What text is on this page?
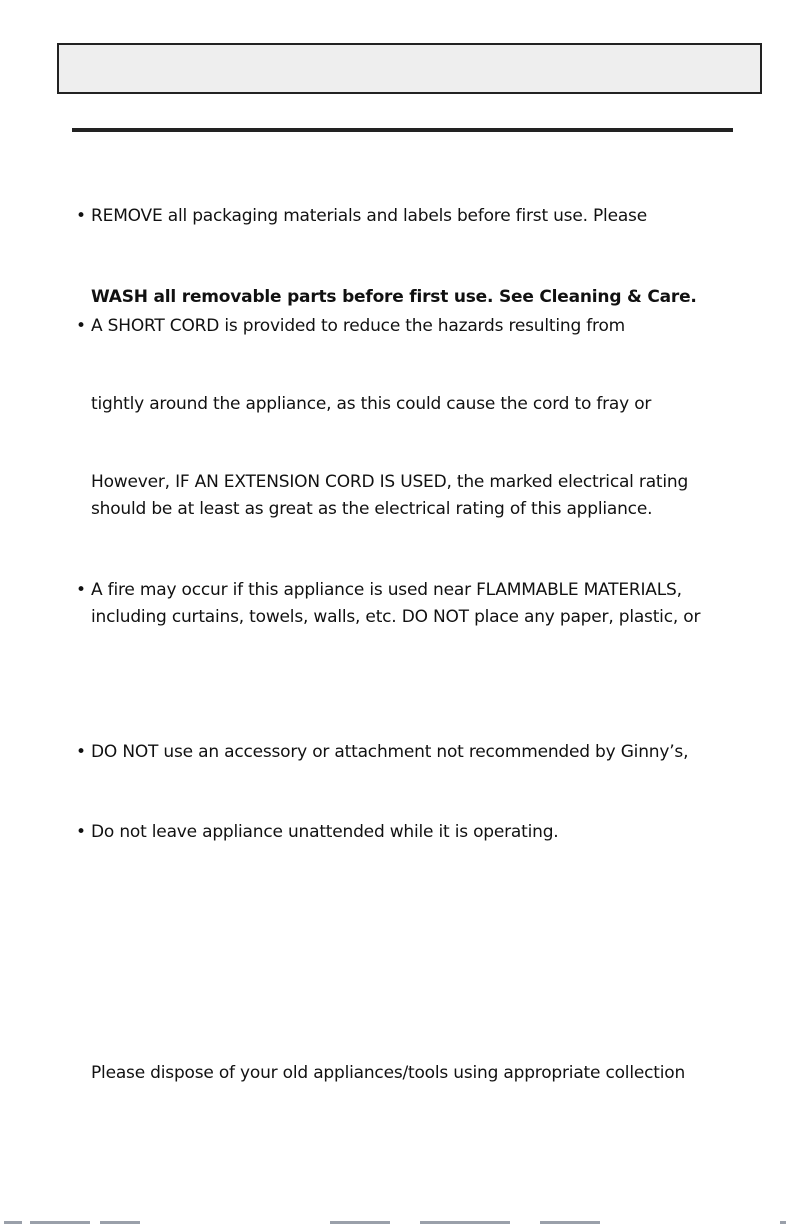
• REMOVE all packaging materials and labels before first use. Please
WASH all removable parts before first use. See Cleaning & Care.
• A SHORT CORD is provided to reduce the hazards resulting from
tightly around the appliance, as this could cause the cord to fray or
However, IF AN EXTENSION CORD IS USED, the marked electrical rating
should be at least as great as the electrical rating of this appliance.
• A fire may occur if this appliance is used near FLAMMABLE MATERIALS,
including curtains, towels, walls, etc. DO NOT place any paper, plastic, or
• DO NOT use an accessory or attachment not recommended by Ginny’s,
• Do not leave appliance unattended while it is operating.
Please dispose of your old appliances/tools using appropriate collection
